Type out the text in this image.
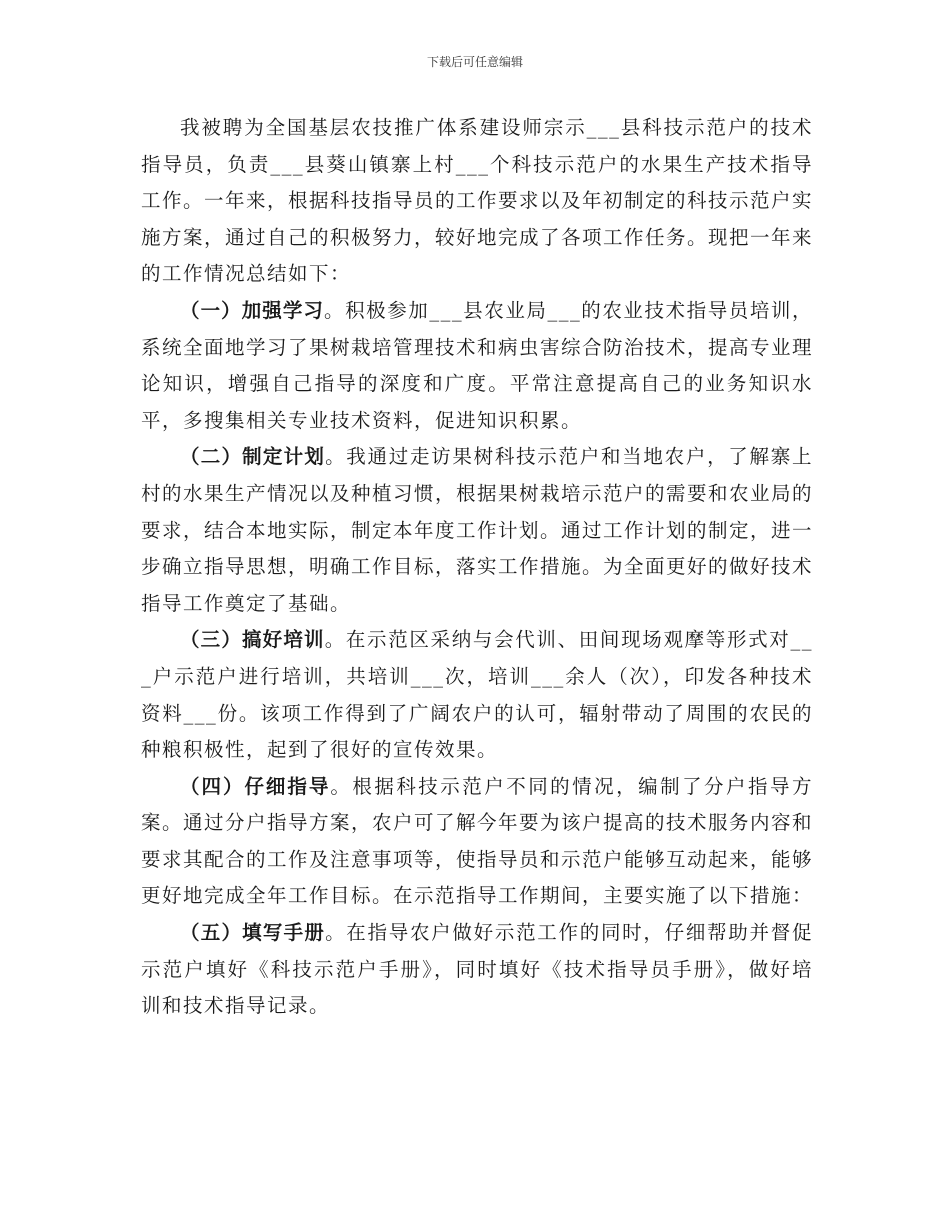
下载后可任意编辑

我被聘为全国基层农技推广体系建设师宗示___县科技示范户的技术指导员，负责___县葵山镇寨上村___个科技示范户的水果生产技术指导工作。一年来，根据科技指导员的工作要求以及年初制定的科技示范户实施方案，通过自己的积极努力，较好地完成了各项工作任务。现把一年来的工作情况总结如下：

（一）加强学习。积极参加___县农业局___的农业技术指导员培训，系统全面地学习了果树栽培管理技术和病虫害综合防治技术，提高专业理论知识，增强自己指导的深度和广度。平常注意提高自己的业务知识水平，多搜集相关专业技术资料，促进知识积累。

（二）制定计划。我通过走访果树科技示范户和当地农户，了解寨上村的水果生产情况以及种植习惯，根据果树栽培示范户的需要和农业局的要求，结合本地实际，制定本年度工作计划。通过工作计划的制定，进一步确立指导思想，明确工作目标，落实工作措施。为全面更好的做好技术指导工作奠定了基础。

（三）搞好培训。在示范区采纳与会代训、田间现场观摩等形式对___户示范户进行培训，共培训___次，培训___余人（次），印发各种技术资料___份。该项工作得到了广阔农户的认可，辐射带动了周围的农民的种粮积极性，起到了很好的宣传效果。

（四）仔细指导。根据科技示范户不同的情况，编制了分户指导方案。通过分户指导方案，农户可了解今年要为该户提高的技术服务内容和要求其配合的工作及注意事项等，使指导员和示范户能够互动起来，能够更好地完成全年工作目标。在示范指导工作期间，主要实施了以下措施：

（五）填写手册。在指导农户做好示范工作的同时，仔细帮助并督促示范户填好《科技示范户手册》，同时填好《技术指导员手册》，做好培训和技术指导记录。
